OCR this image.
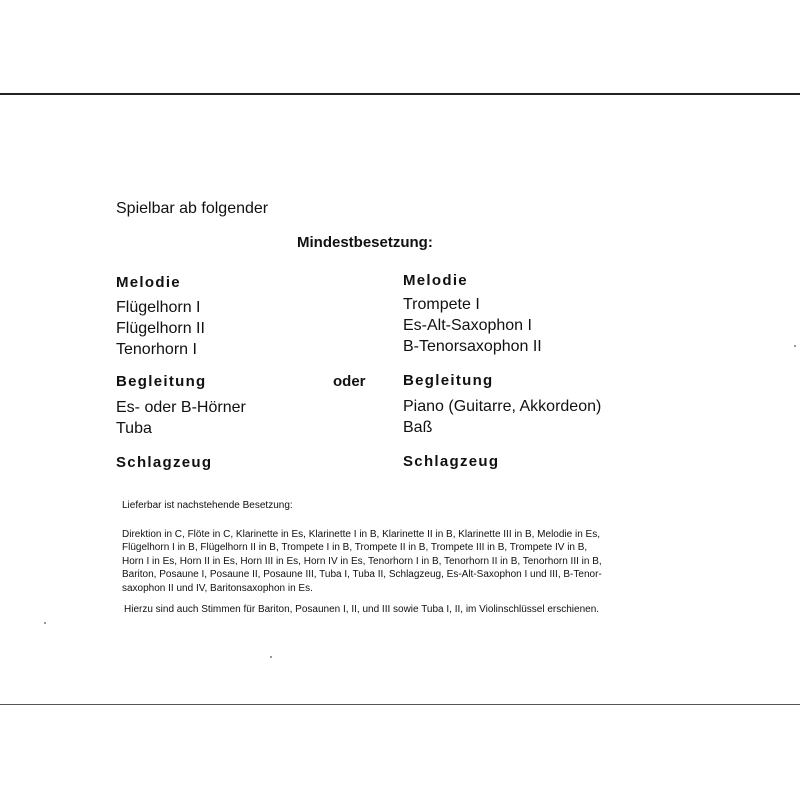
Spielbar ab folgender
Mindestbesetzung:
Melodie
Flügelhorn I
Flügelhorn II
Tenorhorn I
Begleitung
Es- oder B-Hörner
Tuba
Schlagzeug
oder
Melodie
Trompete I
Es-Alt-Saxophon I
B-Tenorsaxophon II
Begleitung
Piano (Guitarre, Akkordeon)
Baß
Schlagzeug
Lieferbar ist nachstehende Besetzung:
Direktion in C, Flöte in C, Klarinette in Es, Klarinette I in B, Klarinette II in B, Klarinette III in B, Melodie in Es,
Flügelhorn I in B, Flügelhorn II in B, Trompete I in B, Trompete II in B, Trompete III in B, Trompete IV in B,
Horn I in Es, Horn II in Es, Horn III in Es, Horn IV in Es, Tenorhorn I in B, Tenorhorn II in B, Tenorhorn III in B,
Bariton, Posaune I, Posaune II, Posaune III, Tuba I, Tuba II, Schlagzeug, Es-Alt-Saxophon I und III, B-Tenor-
saxophon II und IV, Baritonsaxophon in Es.
Hierzu sind auch Stimmen für Bariton, Posaunen I, II, und III sowie Tuba I, II, im Violinschlüssel erschienen.
